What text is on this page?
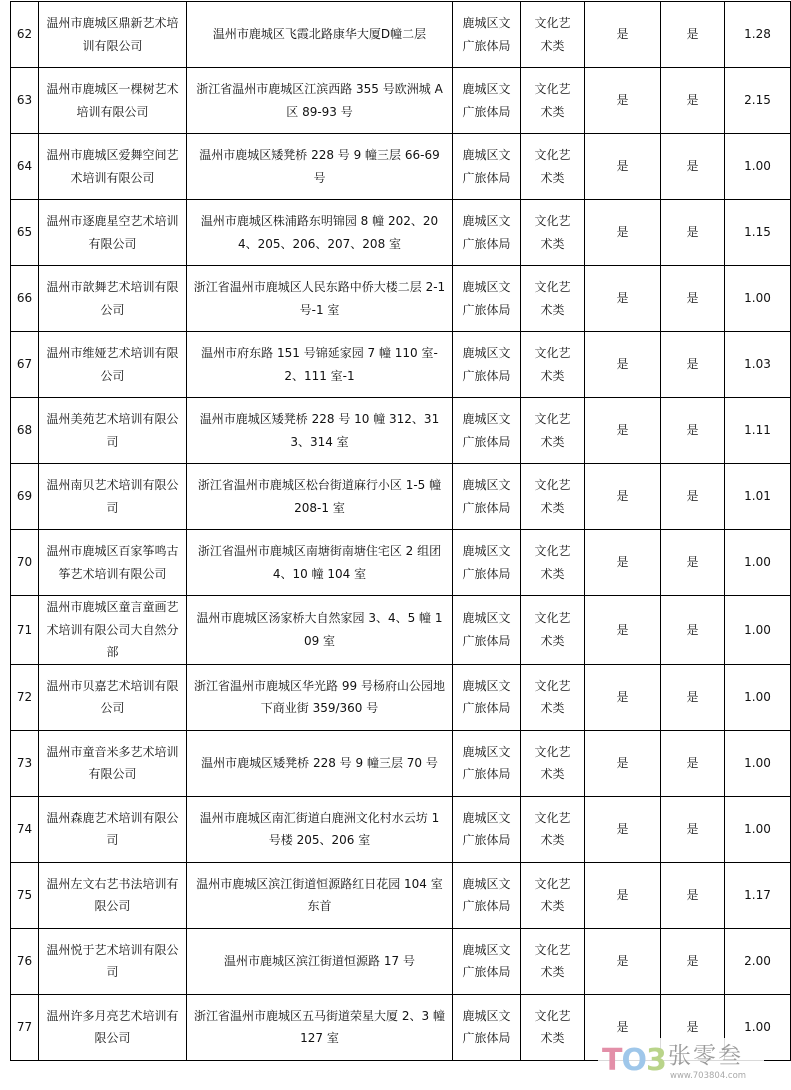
62	温州市鹿城区鼎新艺术培训有限公司	温州市鹿城区飞霞北路康华大厦D幢二层	鹿城区文广旅体局	文化艺术类	是	是	1.28
63	温州市鹿城区一棵树艺术培训有限公司	浙江省温州市鹿城区江滨西路 355 号欧洲城 A 区 89-93 号	鹿城区文广旅体局	文化艺术类	是	是	2.15
64	温州市鹿城区爱舞空间艺术培训有限公司	温州市鹿城区矮凳桥 228 号 9 幢三层 66-69 号	鹿城区文广旅体局	文化艺术类	是	是	1.00
65	温州市逐鹿星空艺术培训有限公司	温州市鹿城区株浦路东明锦园 8 幢 202、204、205、206、207、208 室	鹿城区文广旅体局	文化艺术类	是	是	1.15
66	温州市歆舞艺术培训有限公司	浙江省温州市鹿城区人民东路中侨大楼二层 2-1 号-1 室	鹿城区文广旅体局	文化艺术类	是	是	1.00
67	温州市维娅艺术培训有限公司	温州市府东路 151 号锦延家园 7 幢 110 室-2、111 室-1	鹿城区文广旅体局	文化艺术类	是	是	1.03
68	温州美苑艺术培训有限公司	温州市鹿城区矮凳桥 228 号 10 幢 312、313、314 室	鹿城区文广旅体局	文化艺术类	是	是	1.11
69	温州南贝艺术培训有限公司	浙江省温州市鹿城区松台街道麻行小区 1-5 幢 208-1 室	鹿城区文广旅体局	文化艺术类	是	是	1.01
70	温州市鹿城区百家筝鸣古筝艺术培训有限公司	浙江省温州市鹿城区南塘街南塘住宅区 2 组团 4、10 幢 104 室	鹿城区文广旅体局	文化艺术类	是	是	1.00
71	温州市鹿城区童言童画艺术培训有限公司大自然分部	温州市鹿城区汤家桥大自然家园 3、4、5 幢 109 室	鹿城区文广旅体局	文化艺术类	是	是	1.00
72	温州市贝嘉艺术培训有限公司	浙江省温州市鹿城区华光路 99 号杨府山公园地下商业街 359/360 号	鹿城区文广旅体局	文化艺术类	是	是	1.00
73	温州市童音米多艺术培训有限公司	温州市鹿城区矮凳桥 228 号 9 幢三层 70 号	鹿城区文广旅体局	文化艺术类	是	是	1.00
74	温州森鹿艺术培训有限公司	温州市鹿城区南汇街道白鹿洲文化村水云坊 1 号楼 205、206 室	鹿城区文广旅体局	文化艺术类	是	是	1.00
75	温州左文右艺书法培训有限公司	温州市鹿城区滨江街道恒源路红日花园 104 室东首	鹿城区文广旅体局	文化艺术类	是	是	1.17
76	温州悦于艺术培训有限公司	温州市鹿城区滨江街道恒源路 17 号	鹿城区文广旅体局	文化艺术类	是	是	2.00
77	温州许多月亮艺术培训有限公司	浙江省温州市鹿城区五马街道荣星大厦 2、3 幢 127 室	鹿城区文广旅体局	文化艺术类	是	是	1.00
TO3 张零叁
www.703804.com
